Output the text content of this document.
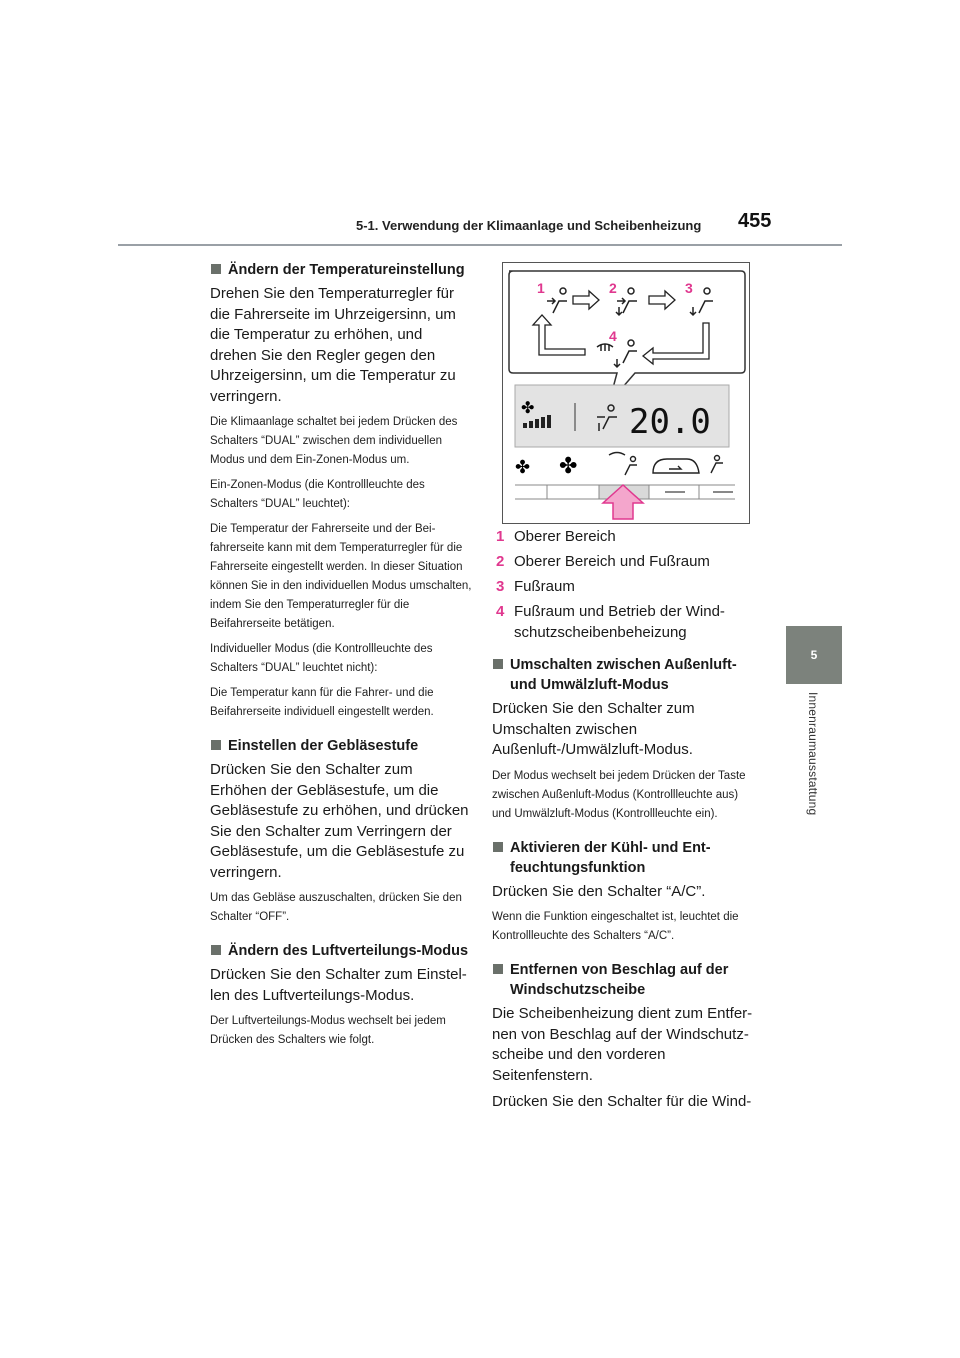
5-1. Verwendung der Klimaanlage und Scheibenheizung 455
5
Innenraumausstattung
Ändern der Temperatureinstellung

Drehen Sie den Temperaturregler für die Fahrerseite im Uhrzeigersinn, um die Temperatur zu erhöhen, und drehen Sie den Regler gegen den Uhrzeigersinn, um die Temperatur zu verringern.

Die Klimaanlage schaltet bei jedem Drücken des Schalters “DUAL” zwischen dem individuellen Modus und dem Ein-Zonen-Modus um.

Ein-Zonen-Modus (die Kontrollleuchte des Schalters “DUAL” leuchtet):

Die Temperatur der Fahrerseite und der Beifahrerseite kann mit dem Temperaturregler für die Fahrerseite eingestellt werden. In dieser Situation können Sie in den individuellen Modus umschalten, indem Sie den Temperaturregler für die Beifahrerseite betätigen.

Individueller Modus (die Kontrollleuchte des Schalters “DUAL” leuchtet nicht):

Die Temperatur kann für die Fahrer- und die Beifahrerseite individuell eingestellt werden.

Einstellen der Gebläsestufe

Drücken Sie den Schalter zum Erhöhen der Gebläsestufe, um die Gebläsestufe zu erhöhen, und drücken Sie den Schalter zum Verringern der Gebläsestufe, um die Gebläsestufe zu verringern.

Um das Gebläse auszuschalten, drücken Sie den Schalter “OFF”.

Ändern des Luftverteilungs-Modus

Drücken Sie den Schalter zum Einstellen des Luftverteilungs-Modus.

Der Luftverteilungs-Modus wechselt bei jedem Drücken des Schalters wie folgt.

1	2	3
4
✤	20.0
✤ ✤
1 Oberer Bereich
2 Oberer Bereich und Fußraum
3 Fußraum
4 Fußraum und Betrieb der Windschutzscheibenbeheizung
Umschalten zwischen Außenluft- und Umwälzluft-Modus

Drücken Sie den Schalter zum Umschalten zwischen Außenluft-/Umwälzluft-Modus.

Der Modus wechselt bei jedem Drücken der Taste zwischen Außenluft-Modus (Kontrollleuchte aus) und Umwälzluft-Modus (Kontrollleuchte ein).

Aktivieren der Kühl- und Entfeuchtungsfunktion

Drücken Sie den Schalter “A/C”.

Wenn die Funktion eingeschaltet ist, leuchtet die Kontrollleuchte des Schalters “A/C”.

Entfernen von Beschlag auf der Windschutzscheibe

Die Scheibenheizung dient zum Entfernen von Beschlag auf der Windschutzscheibe und den vorderen Seitenfenstern.

Drücken Sie den Schalter für die Wind-
